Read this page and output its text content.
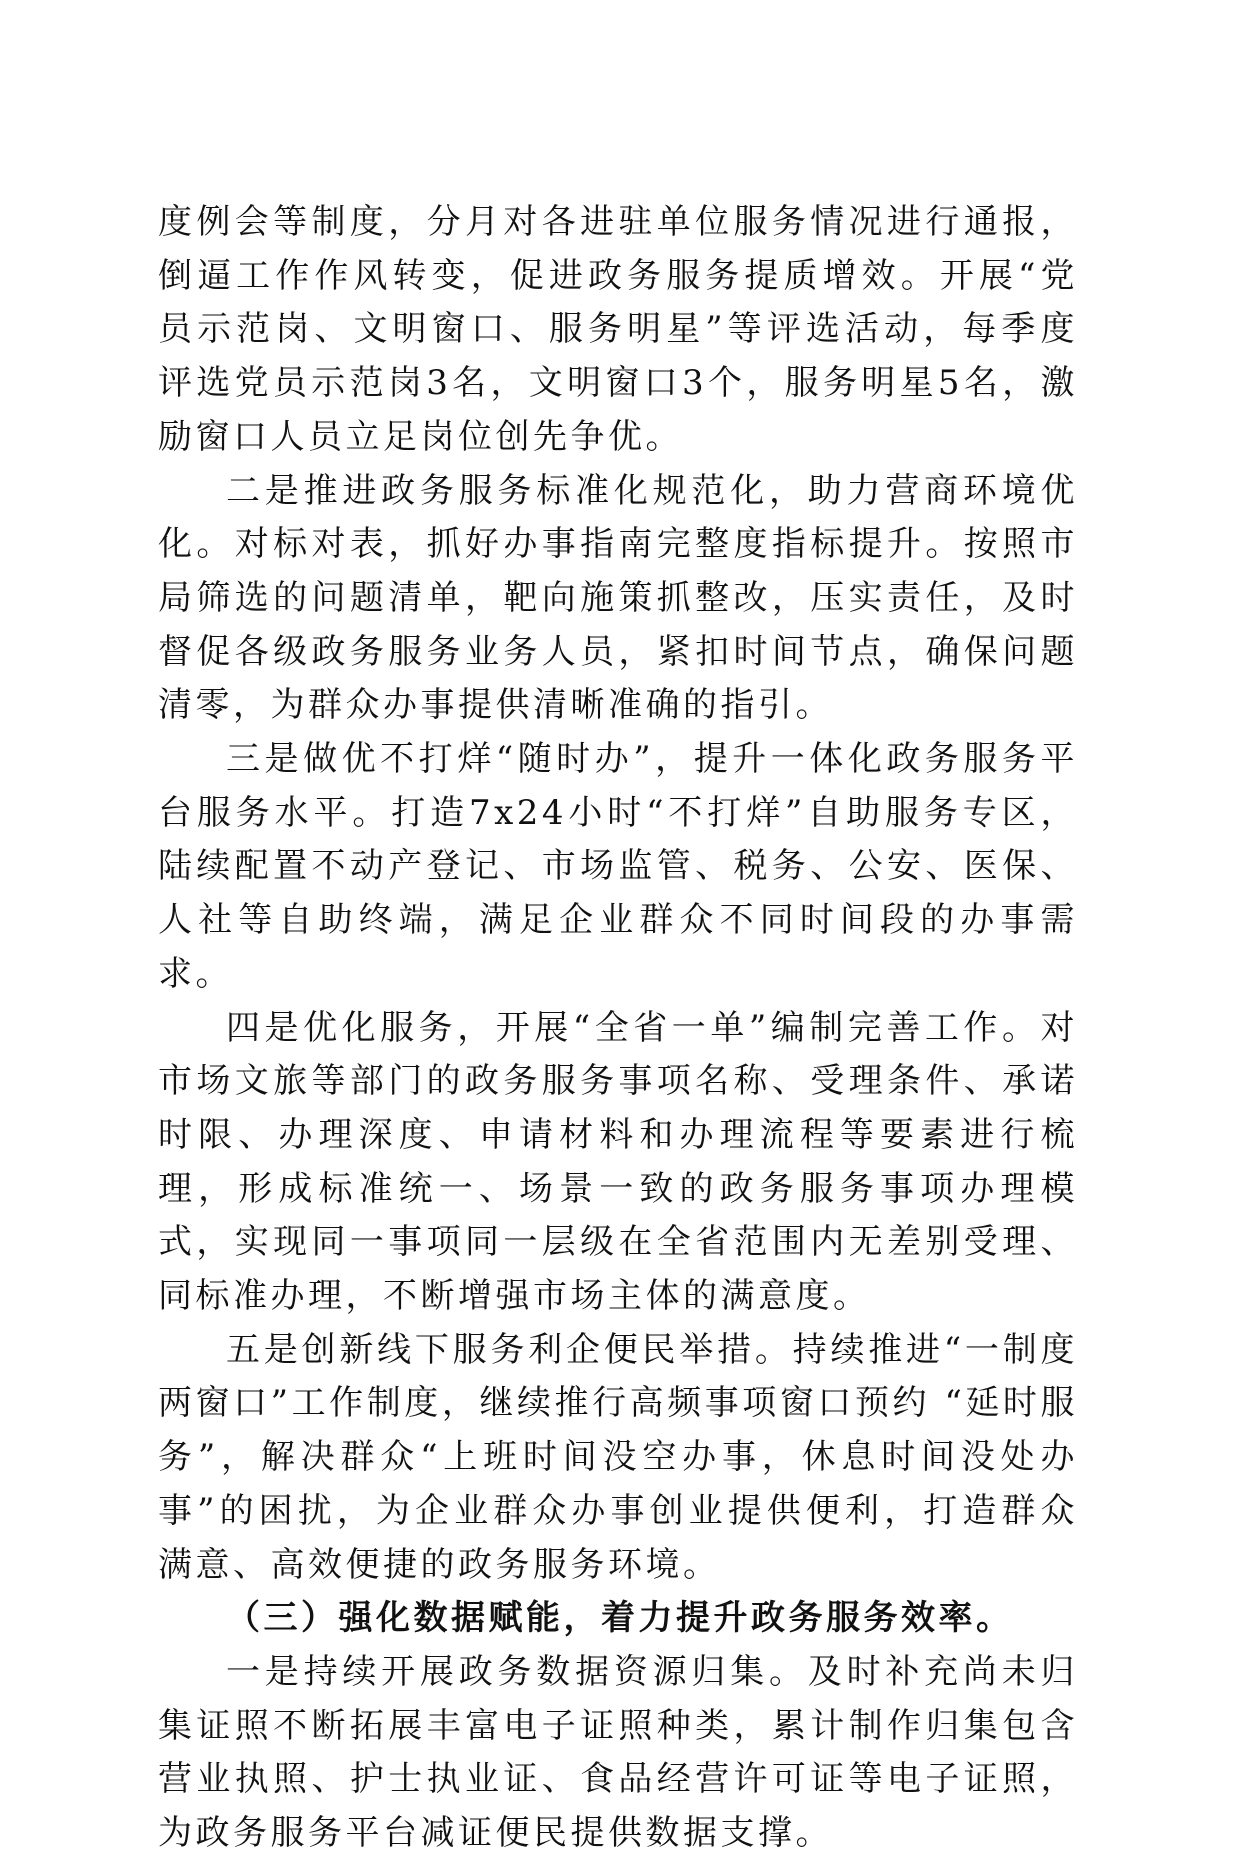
度例会等制度，分月对各进驻单位服务情况进行通报，倒逼工作作风转变，促进政务服务提质增效。开展“党员示范岗、文明窗口、服务明星”等评选活动，每季度评选党员示范岗3名，文明窗口3个，服务明星5名，激励窗口人员立足岗位创先争优。

二是推进政务服务标准化规范化，助力营商环境优化。对标对表，抓好办事指南完整度指标提升。按照市局筛选的问题清单，靶向施策抓整改，压实责任，及时督促各级政务服务业务人员，紧扣时间节点，确保问题清零，为群众办事提供清晰准确的指引。

三是做优不打烊“随时办”，提升一体化政务服务平台服务水平。打造7x24小时“不打烊”自助服务专区，陆续配置不动产登记、市场监管、税务、公安、医保、人社等自助终端，满足企业群众不同时间段的办事需求。

四是优化服务，开展“全省一单”编制完善工作。对市场文旅等部门的政务服务事项名称、受理条件、承诺时限、办理深度、申请材料和办理流程等要素进行梳理，形成标准统一、场景一致的政务服务事项办理模式，实现同一事项同一层级在全省范围内无差别受理、同标准办理，不断增强市场主体的满意度。

五是创新线下服务利企便民举措。持续推进“一制度两窗口”工作制度，继续推行高频事项窗口预约 “延时服务”，解决群众“上班时间没空办事，休息时间没处办事”的困扰，为企业群众办事创业提供便利，打造群众满意、高效便捷的政务服务环境。

（三）强化数据赋能，着力提升政务服务效率。

一是持续开展政务数据资源归集。及时补充尚未归集证照不断拓展丰富电子证照种类，累计制作归集包含营业执照、护士执业证、食品经营许可证等电子证照，为政务服务平台减证便民提供数据支撑。
